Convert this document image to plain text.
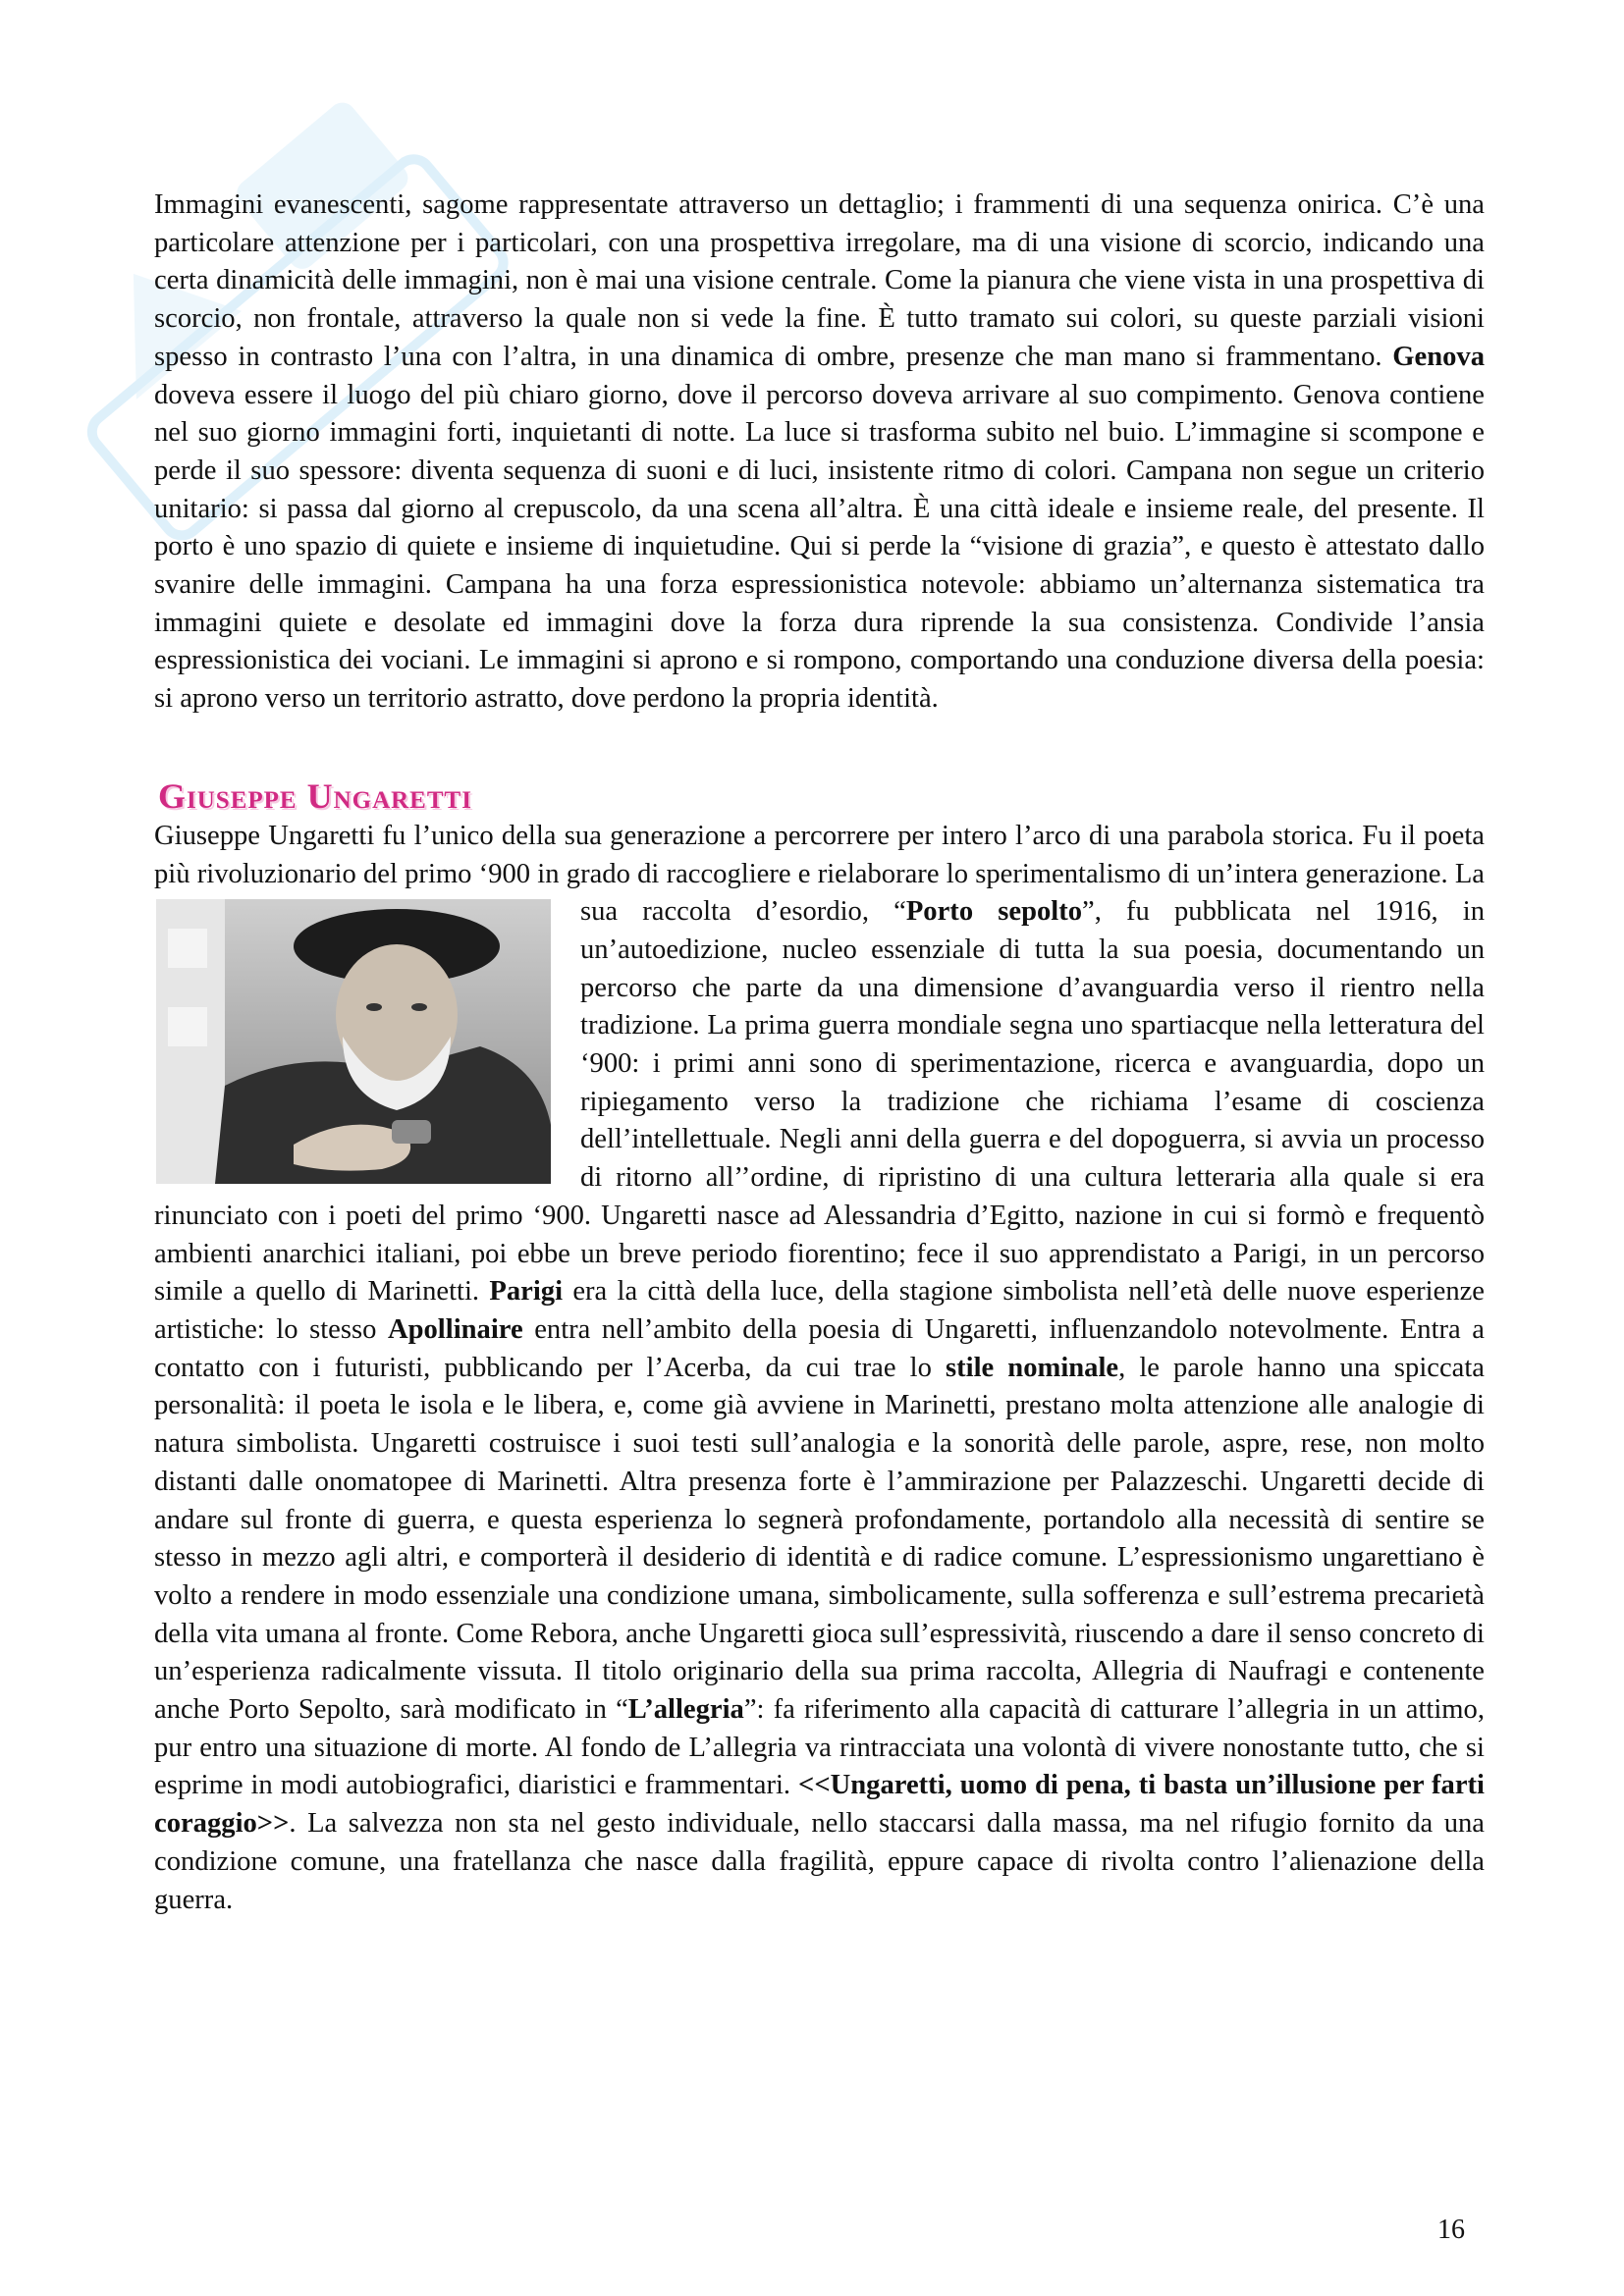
Immagini evanescenti, sagome rappresentate attraverso un dettaglio; i frammenti di una sequenza onirica. C’è una particolare attenzione per i particolari, con una prospettiva irregolare, ma di una visione di scorcio, indicando una certa dinamicità delle immagini, non è mai una visione centrale. Come la pianura che viene vista in una prospettiva di scorcio, non frontale, attraverso la quale non si vede la fine. È tutto tramato sui colori, su queste parziali visioni spesso in contrasto l’una con l’altra, in una dinamica di ombre, presenze che man mano si frammentano. Genova doveva essere il luogo del più chiaro giorno, dove il percorso doveva arrivare al suo compimento. Genova contiene nel suo giorno immagini forti, inquietanti di notte. La luce si trasforma subito nel buio. L’immagine si scompone e perde il suo spessore: diventa sequenza di suoni e di luci, insistente ritmo di colori. Campana non segue un criterio unitario: si passa dal giorno al crepuscolo, da una scena all’altra. È una città ideale e insieme reale, del presente. Il porto è uno spazio di quiete e insieme di inquietudine. Qui si perde la “visione di grazia”, e questo è attestato dallo svanire delle immagini. Campana ha una forza espressionistica notevole: abbiamo un’alternanza sistematica tra immagini quiete e desolate ed immagini dove la forza dura riprende la sua consistenza. Condivide l’ansia espressionistica dei vociani. Le immagini si aprono e si rompono, comportando una conduzione diversa della poesia: si aprono verso un territorio astratto, dove perdono la propria identità.

Giuseppe Ungaretti

Giuseppe Ungaretti fu l’unico della sua generazione a percorrere per intero l’arco di una parabola storica. Fu il poeta più rivoluzionario del primo ‘900 in grado di raccogliere e rielaborare lo sperimentalismo di un’intera generazione. La sua raccolta d’esordio, “
Porto sepolto”, fu pubblicata nel 1916, in un’autoedizione, nucleo essenziale di tutta la sua poesia, documentando un percorso che parte da una dimensione d’avanguardia verso il rientro nella tradizione. La prima guerra mondiale segna uno spartiacque nella letteratura del ‘900: i primi anni sono di sperimentazione, ricerca e avanguardia, dopo un ripiegamento verso la tradizione che richiama l’esame di coscienza dell’intellettuale. Negli anni della guerra e del dopoguerra, si avvia un processo di ritorno all’’ordine, di ripristino di una cultura letteraria alla quale si era rinunciato con i poeti del primo ‘900. Ungaretti nasce ad Alessandria d’Egitto, nazione in cui si formò e frequentò ambienti anarchici italiani, poi ebbe un breve periodo fiorentino; fece il suo apprendistato a Parigi, in un percorso simile a quello di Marinetti. Parigi era la città della luce, della stagione simbolista nell’età delle nuove esperienze artistiche: lo stesso Apollinaire entra nell’ambito della poesia di Ungaretti, influenzandolo notevolmente. Entra a contatto con i futuristi, pubblicando per l’Acerba, da cui trae lo stile nominale, le parole hanno una spiccata personalità: il poeta le isola e le libera, e, come già avviene in Marinetti, prestano molta attenzione alle analogie di natura simbolista. Ungaretti costruisce i suoi testi sull’analogia e la sonorità delle parole, aspre, rese, non molto distanti dalle onomatopee di Marinetti. Altra presenza forte è l’ammirazione per Palazzeschi. Ungaretti decide di andare sul fronte di guerra, e questa esperienza lo segnerà profondamente, portandolo alla necessità di sentire se stesso in mezzo agli altri, e comporterà il desiderio di identità e di radice comune. L’espressionismo ungarettiano è volto a rendere in modo essenziale una condizione umana, simbolicamente, sulla sofferenza e sull’estrema precarietà della vita umana al fronte. Come Rebora, anche Ungaretti gioca sull’espressività, riuscendo a dare il senso concreto di un’esperienza radicalmente vissuta. Il titolo originario della sua prima raccolta, Allegria di Naufragi e contenente anche Porto Sepolto, sarà modificato in “L’allegria”: fa riferimento alla capacità di catturare l’allegria in un attimo, pur entro una situazione di morte. Al fondo de L’allegria va rintracciata una volontà di vivere nonostante tutto, che si esprime in modi autobiografici, diaristici e frammentari. <<Ungaretti, uomo di pena, ti basta un’illusione per farti coraggio>>. La salvezza non sta nel gesto individuale, nello staccarsi dalla massa, ma nel rifugio fornito da una condizione comune, una fratellanza che nasce dalla fragilità, eppure capace di rivolta contro l’alienazione della guerra.

16
